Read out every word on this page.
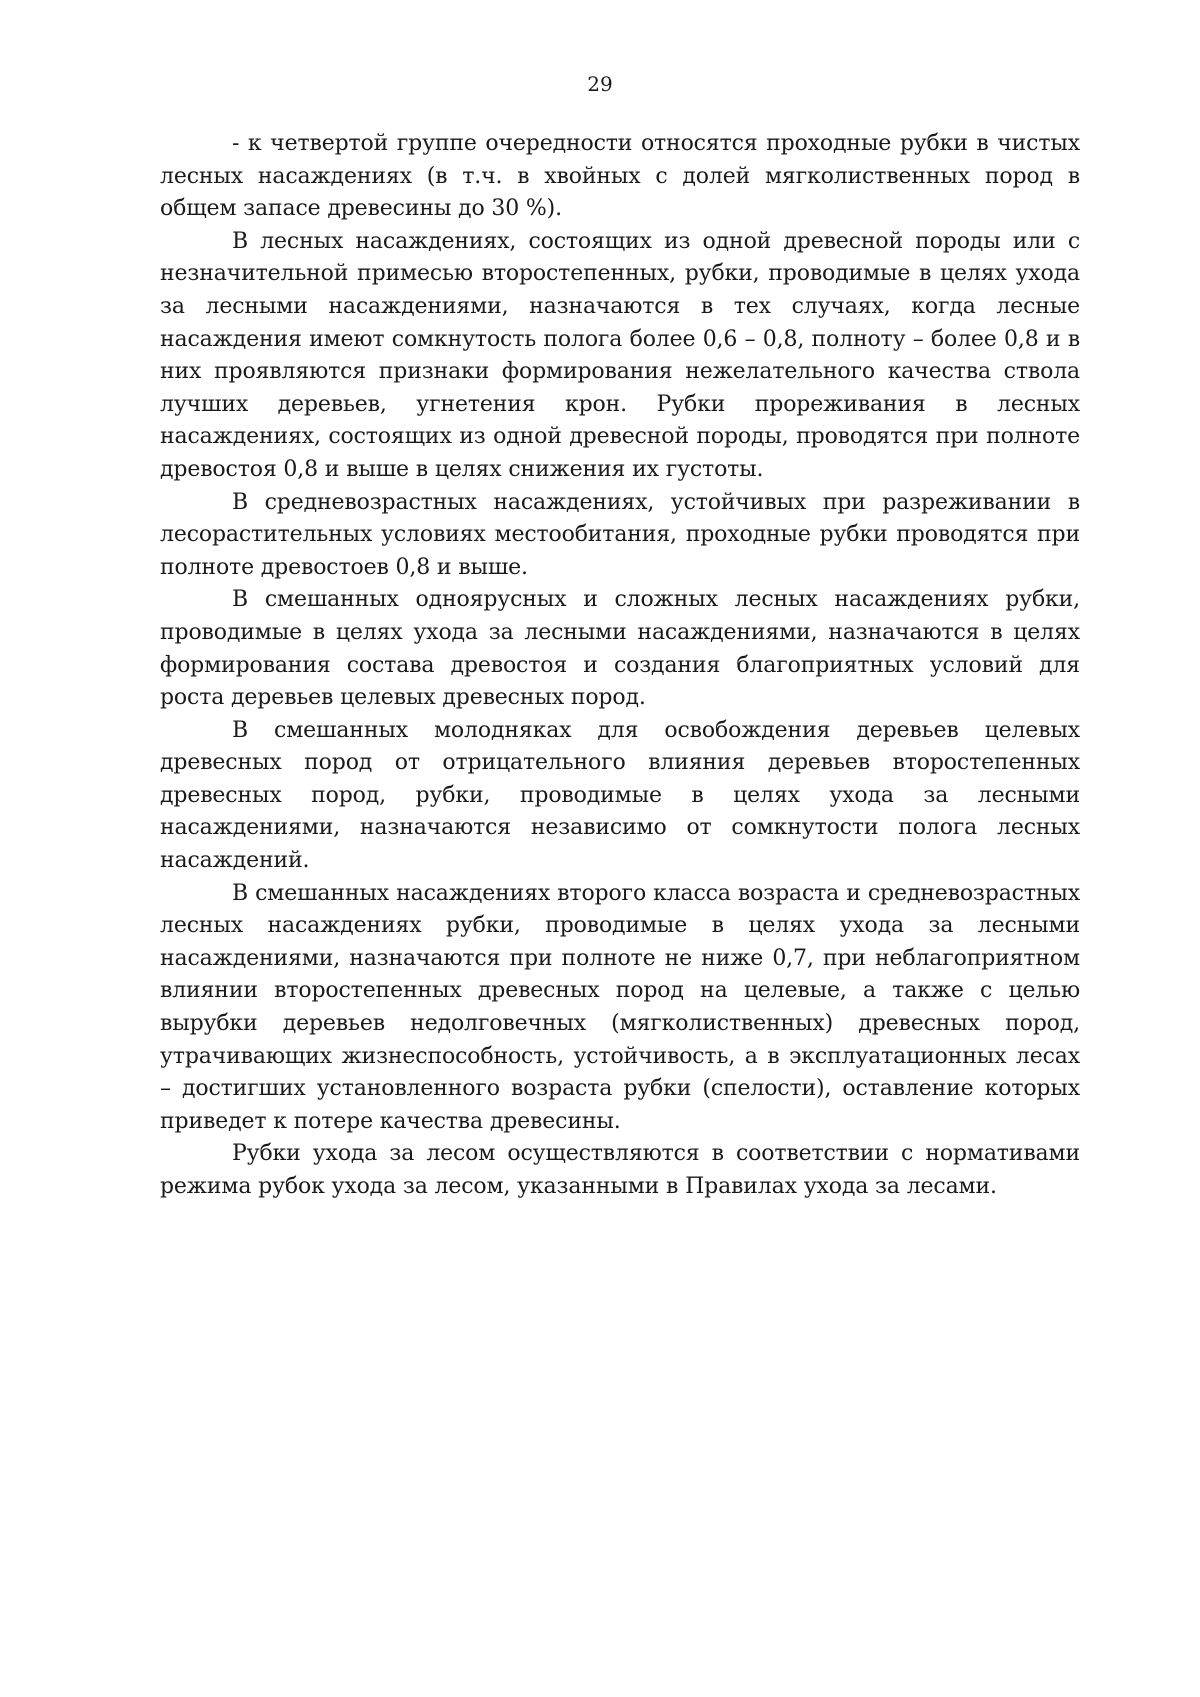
29

- к четвертой группе очередности относятся проходные рубки в чистых лесных насаждениях (в т.ч. в хвойных с долей мягколиственных пород в общем запасе древесины до 30 %).

В лесных насаждениях, состоящих из одной древесной породы или с незначительной примесью второстепенных, рубки, проводимые в целях ухода за лесными насаждениями, назначаются в тех случаях, когда лесные насаждения имеют сомкнутость полога более 0,6 – 0,8, полноту – более 0,8 и в них проявляются признаки формирования нежелательного качества ствола лучших деревьев, угнетения крон. Рубки прореживания в лесных насаждениях, состоящих из одной древесной породы, проводятся при полноте древостоя 0,8 и выше в целях снижения их густоты.

В средневозрастных насаждениях, устойчивых при разреживании в лесорастительных условиях местообитания, проходные рубки проводятся при полноте древостоев 0,8 и выше.

В смешанных одноярусных и сложных лесных насаждениях рубки, проводимые в целях ухода за лесными насаждениями, назначаются в целях формирования состава древостоя и создания благоприятных условий для роста деревьев целевых древесных пород.

В смешанных молодняках для освобождения деревьев целевых древесных пород от отрицательного влияния деревьев второстепенных древесных пород, рубки, проводимые в целях ухода за лесными насаждениями, назначаются независимо от сомкнутости полога лесных насаждений.

В смешанных насаждениях второго класса возраста и средневозрастных лесных насаждениях рубки, проводимые в целях ухода за лесными насаждениями, назначаются при полноте не ниже 0,7, при неблагоприятном влиянии второстепенных древесных пород на целевые, а также с целью вырубки деревьев недолговечных (мягколиственных) древесных пород, утрачивающих жизнеспособность, устойчивость, а в эксплуатационных лесах – достигших установленного возраста рубки (спелости), оставление которых приведет к потере качества древесины.

Рубки ухода за лесом осуществляются в соответствии с нормативами режима рубок ухода за лесом, указанными в Правилах ухода за лесами.
